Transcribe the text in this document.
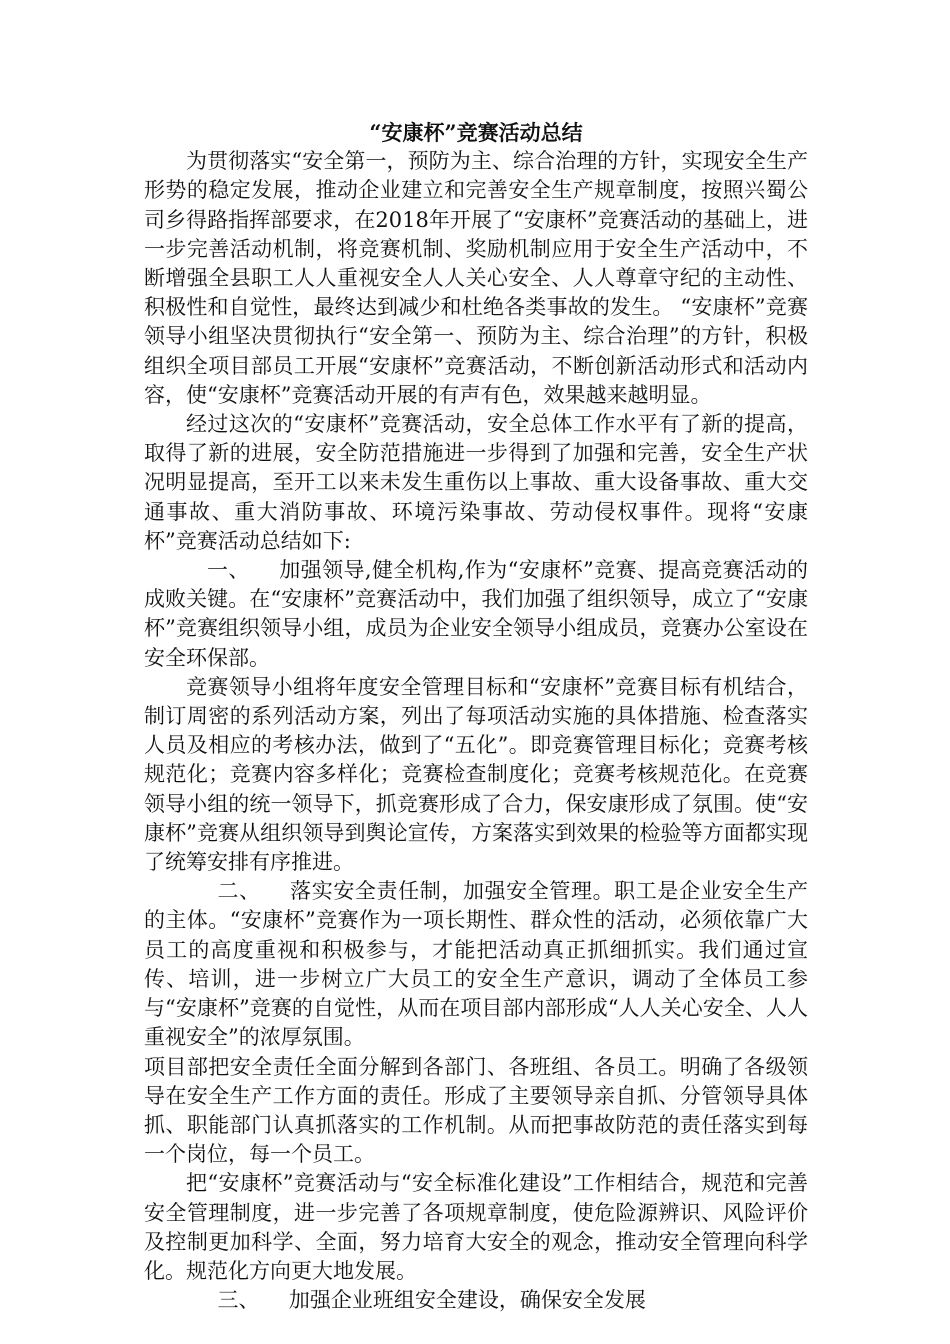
“安康杯”竞赛活动总结

为贯彻落实“安全第一，预防为主、综合治理的方针，实现安全生产形势的稳定发展，推动企业建立和完善安全生产规章制度，按照兴蜀公司乡得路指挥部要求，在2018年开展了“安康杯”竞赛活动的基础上，进一步完善活动机制，将竞赛机制、奖励机制应用于安全生产活动中，不断增强全县职工人人重视安全人人关心安全、人人尊章守纪的主动性、积极性和自觉性，最终达到减少和杜绝各类事故的发生。 “安康杯”竞赛领导小组坚决贯彻执行“安全第一、预防为主、综合治理”的方针，积极组织全项目部员工开展“安康杯”竞赛活动，不断创新活动形式和活动内容，使“安康杯”竞赛活动开展的有声有色，效果越来越明显。

经过这次的“安康杯”竞赛活动，安全总体工作水平有了新的提高，取得了新的进展，安全防范措施进一步得到了加强和完善，安全生产状况明显提高，至开工以来未发生重伤以上事故、重大设备事故、重大交通事故、重大消防事故、环境污染事故、劳动侵权事件。现将“安康杯”竞赛活动总结如下:

一、 加强领导,健全机构,作为“安康杯”竞赛、提高竞赛活动的成败关键。在“安康杯”竞赛活动中，我们加强了组织领导，成立了“安康杯”竞赛组织领导小组，成员为企业安全领导小组成员，竞赛办公室设在安全环保部。

竞赛领导小组将年度安全管理目标和“安康杯”竞赛目标有机结合，制订周密的系列活动方案，列出了每项活动实施的具体措施、检查落实人员及相应的考核办法，做到了“五化”。即竞赛管理目标化；竞赛考核规范化；竞赛内容多样化；竞赛检查制度化；竞赛考核规范化。在竞赛领导小组的统一领导下，抓竞赛形成了合力，保安康形成了氛围。使“安康杯”竞赛从组织领导到舆论宣传，方案落实到效果的检验等方面都实现了统筹安排有序推进。

二、 落实安全责任制，加强安全管理。职工是企业安全生产的主体。“安康杯”竞赛作为一项长期性、群众性的活动，必须依靠广大员工的高度重视和积极参与，才能把活动真正抓细抓实。我们通过宣传、培训，进一步树立广大员工的安全生产意识，调动了全体员工参与“安康杯”竞赛的自觉性，从而在项目部内部形成“人人关心安全、人人重视安全”的浓厚氛围。

项目部把安全责任全面分解到各部门、各班组、各员工。明确了各级领导在安全生产工作方面的责任。形成了主要领导亲自抓、分管领导具体抓、职能部门认真抓落实的工作机制。从而把事故防范的责任落实到每一个岗位，每一个员工。

把“安康杯”竞赛活动与“安全标准化建设”工作相结合，规范和完善安全管理制度，进一步完善了各项规章制度，使危险源辨识、风险评价及控制更加科学、全面，努力培育大安全的观念，推动安全管理向科学化。规范化方向更大地发展。

三、 加强企业班组安全建设，确保安全发展
